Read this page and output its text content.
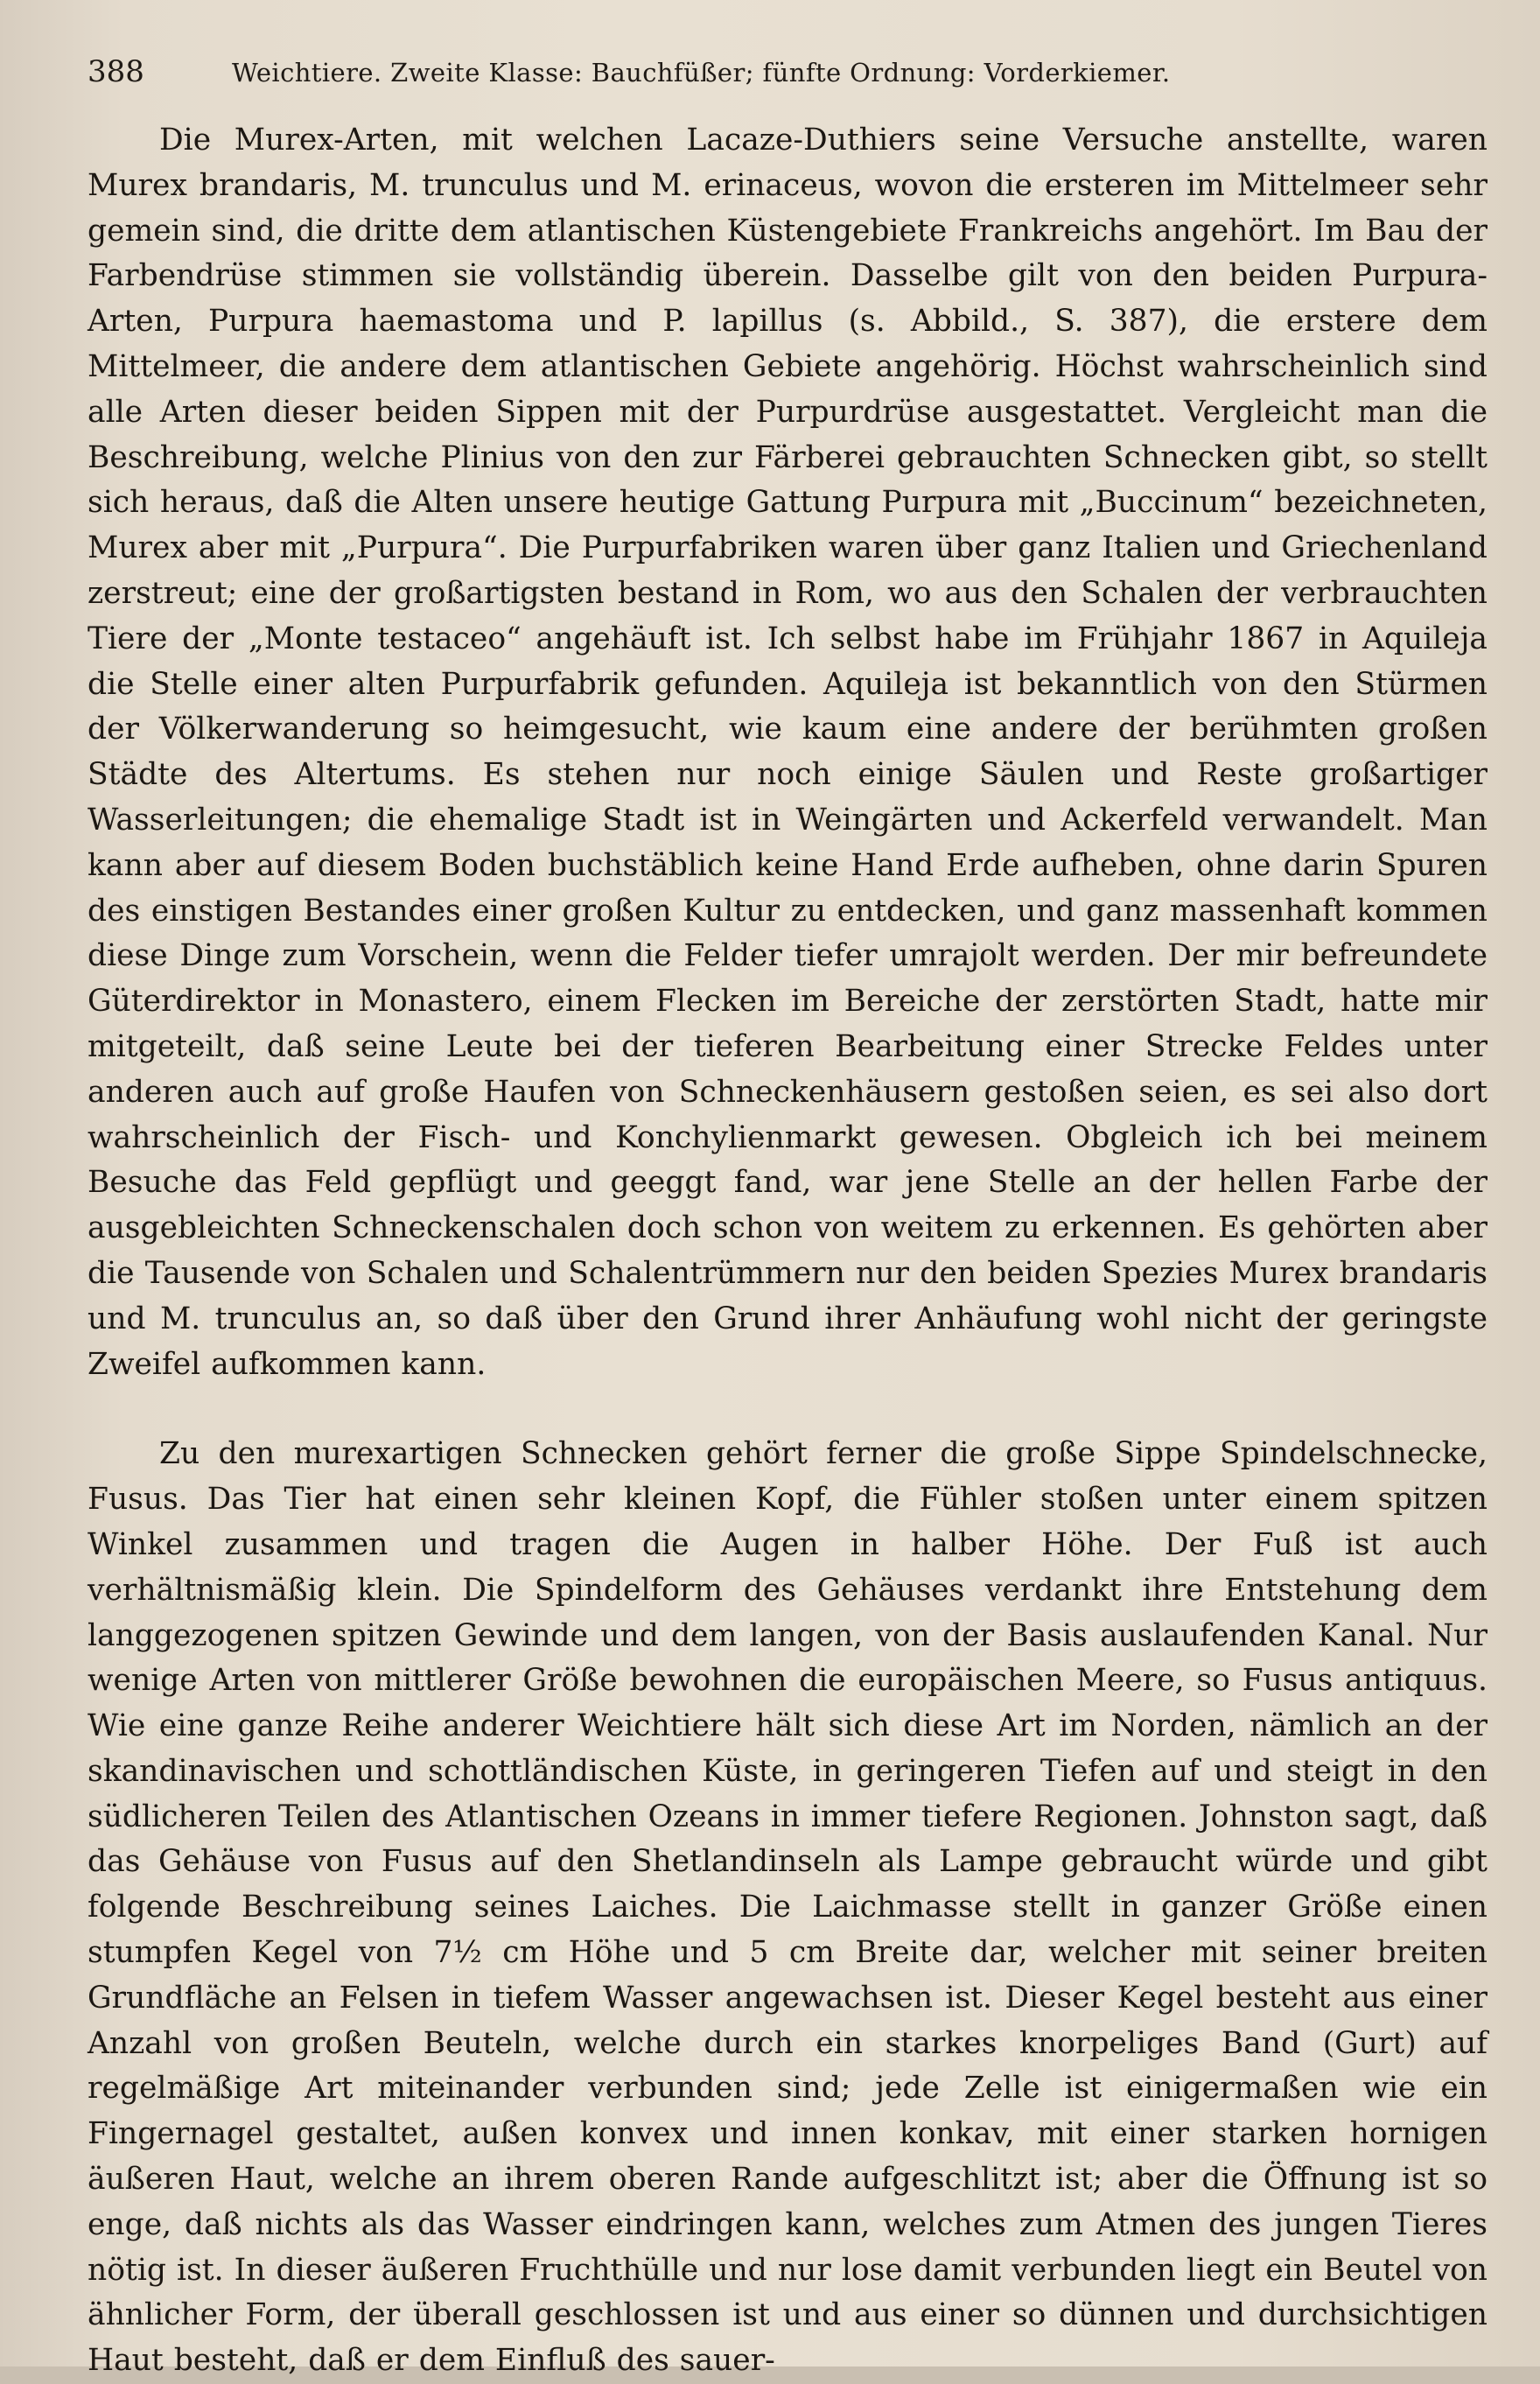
388	Weichtiere. Zweite Klasse: Bauchfüßer; fünfte Ordnung: Vorderkiemer.

Die Murex-Arten, mit welchen Lacaze-Duthiers seine Versuche anstellte, waren Murex brandaris, M. trunculus und M. erinaceus, wovon die ersteren im Mittelmeer sehr gemein sind, die dritte dem atlantischen Küstengebiete Frankreichs angehört. Im Bau der Farbendrüse stimmen sie vollständig überein. Dasselbe gilt von den beiden Purpura-Arten, Purpura haemastoma und P. lapillus (s. Abbild., S. 387), die erstere dem Mittelmeer, die andere dem atlantischen Gebiete angehörig. Höchst wahrscheinlich sind alle Arten dieser beiden Sippen mit der Purpurdrüse ausgestattet. Vergleicht man die Beschreibung, welche Plinius von den zur Färberei gebrauchten Schnecken gibt, so stellt sich heraus, daß die Alten unsere heutige Gattung Purpura mit „Buccinum“ bezeichneten, Murex aber mit „Purpura“. Die Purpurfabriken waren über ganz Italien und Griechenland zerstreut; eine der großartigsten bestand in Rom, wo aus den Schalen der verbrauchten Tiere der „Monte testaceo“ angehäuft ist. Ich selbst habe im Frühjahr 1867 in Aquileja die Stelle einer alten Purpurfabrik gefunden. Aquileja ist bekanntlich von den Stürmen der Völkerwanderung so heimgesucht, wie kaum eine andere der berühmten großen Städte des Altertums. Es stehen nur noch einige Säulen und Reste großartiger Wasserleitungen; die ehemalige Stadt ist in Weingärten und Ackerfeld verwandelt. Man kann aber auf diesem Boden buchstäblich keine Hand Erde aufheben, ohne darin Spuren des einstigen Bestandes einer großen Kultur zu entdecken, und ganz massenhaft kommen diese Dinge zum Vorschein, wenn die Felder tiefer umrajolt werden. Der mir befreundete Güterdirektor in Monastero, einem Flecken im Bereiche der zerstörten Stadt, hatte mir mitgeteilt, daß seine Leute bei der tieferen Bearbeitung einer Strecke Feldes unter anderen auch auf große Haufen von Schneckenhäusern gestoßen seien, es sei also dort wahrscheinlich der Fisch- und Konchylienmarkt gewesen. Obgleich ich bei meinem Besuche das Feld gepflügt und geeggt fand, war jene Stelle an der hellen Farbe der ausgebleichten Schneckenschalen doch schon von weitem zu erkennen. Es gehörten aber die Tausende von Schalen und Schalentrümmern nur den beiden Spezies Murex brandaris und M. trunculus an, so daß über den Grund ihrer Anhäufung wohl nicht der geringste Zweifel aufkommen kann.

Zu den murexartigen Schnecken gehört ferner die große Sippe Spindelschnecke, Fusus. Das Tier hat einen sehr kleinen Kopf, die Fühler stoßen unter einem spitzen Winkel zusammen und tragen die Augen in halber Höhe. Der Fuß ist auch verhältnismäßig klein. Die Spindelform des Gehäuses verdankt ihre Entstehung dem langgezogenen spitzen Gewinde und dem langen, von der Basis auslaufenden Kanal. Nur wenige Arten von mittlerer Größe bewohnen die europäischen Meere, so Fusus antiquus. Wie eine ganze Reihe anderer Weichtiere hält sich diese Art im Norden, nämlich an der skandinavischen und schottländischen Küste, in geringeren Tiefen auf und steigt in den südlicheren Teilen des Atlantischen Ozeans in immer tiefere Regionen. Johnston sagt, daß das Gehäuse von Fusus auf den Shetlandinseln als Lampe gebraucht würde und gibt folgende Beschreibung seines Laiches. Die Laichmasse stellt in ganzer Größe einen stumpfen Kegel von 7½ cm Höhe und 5 cm Breite dar, welcher mit seiner breiten Grundfläche an Felsen in tiefem Wasser angewachsen ist. Dieser Kegel besteht aus einer Anzahl von großen Beuteln, welche durch ein starkes knorpeliges Band (Gurt) auf regelmäßige Art miteinander verbunden sind; jede Zelle ist einigermaßen wie ein Fingernagel gestaltet, außen konvex und innen konkav, mit einer starken hornigen äußeren Haut, welche an ihrem oberen Rande aufgeschlitzt ist; aber die Öffnung ist so enge, daß nichts als das Wasser eindringen kann, welches zum Atmen des jungen Tieres nötig ist. In dieser äußeren Fruchthülle und nur lose damit verbunden liegt ein Beutel von ähnlicher Form, der überall geschlossen ist und aus einer so dünnen und durchsichtigen Haut besteht, daß er dem Einfluß des sauer-
